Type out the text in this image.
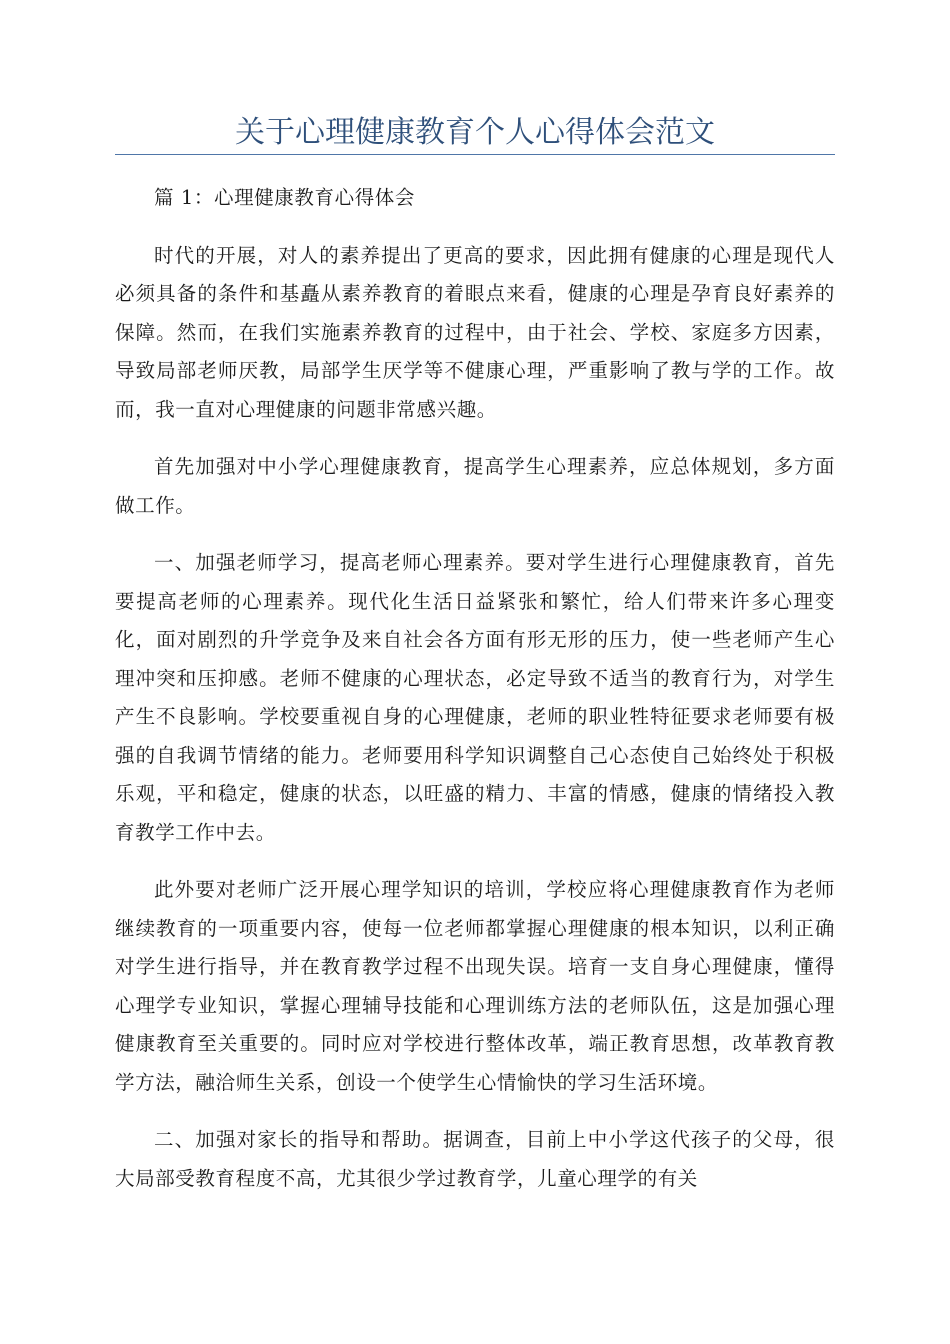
关于心理健康教育个人心得体会范文

篇 1：心理健康教育心得体会

时代的开展，对人的素养提出了更高的要求，因此拥有健康的心理是现代人必须具备的条件和基矗从素养教育的着眼点来看，健康的心理是孕育良好素养的保障。然而，在我们实施素养教育的过程中，由于社会、学校、家庭多方因素，导致局部老师厌教，局部学生厌学等不健康心理，严重影响了教与学的工作。故而，我一直对心理健康的问题非常感兴趣。

首先加强对中小学心理健康教育，提高学生心理素养，应总体规划，多方面做工作。

一、加强老师学习，提高老师心理素养。要对学生进行心理健康教育，首先要提高老师的心理素养。现代化生活日益紧张和繁忙，给人们带来许多心理变化，面对剧烈的升学竞争及来自社会各方面有形无形的压力，使一些老师产生心理冲突和压抑感。老师不健康的心理状态，必定导致不适当的教育行为，对学生产生不良影响。学校要重视自身的心理健康，老师的职业牲特征要求老师要有极强的自我调节情绪的能力。老师要用科学知识调整自己心态使自己始终处于积极乐观，平和稳定，健康的状态，以旺盛的精力、丰富的情感，健康的情绪投入教育教学工作中去。

此外要对老师广泛开展心理学知识的培训，学校应将心理健康教育作为老师继续教育的一项重要内容，使每一位老师都掌握心理健康的根本知识，以利正确对学生进行指导，并在教育教学过程不出现失误。培育一支自身心理健康，懂得心理学专业知识，掌握心理辅导技能和心理训练方法的老师队伍，这是加强心理健康教育至关重要的。同时应对学校进行整体改革，端正教育思想，改革教育教学方法，融洽师生关系，创设一个使学生心情愉快的学习生活环境。

二、加强对家长的指导和帮助。据调查，目前上中小学这代孩子的父母，很大局部受教育程度不高，尤其很少学过教育学，儿童心理学的有关
